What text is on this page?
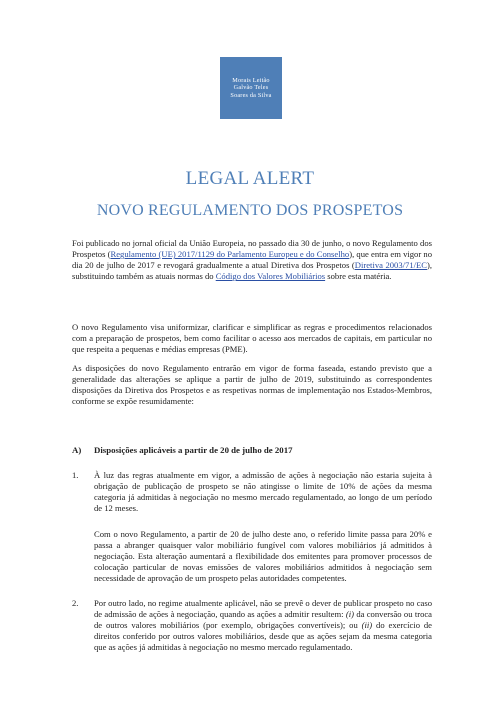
Morais Leitão
Galvão Teles
Soares da Silva
LEGAL ALERT
NOVO REGULAMENTO DOS PROSPETOS

Foi publicado no jornal oficial da União Europeia, no passado dia 30 de junho, o novo Regulamento dos Prospetos (Regulamento (UE) 2017/1129 do Parlamento Europeu e do Conselho), que entra em vigor no dia 20 de julho de 2017 e revogará gradualmente a atual Diretiva dos Prospetos (Diretiva 2003/71/EC), substituindo também as atuais normas do Código dos Valores Mobiliários sobre esta matéria.

O novo Regulamento visa uniformizar, clarificar e simplificar as regras e procedimentos relacionados com a preparação de prospetos, bem como facilitar o acesso aos mercados de capitais, em particular no que respeita a pequenas e médias empresas (PME).

As disposições do novo Regulamento entrarão em vigor de forma faseada, estando previsto que a generalidade das alterações se aplique a partir de julho de 2019, substituindo as correspondentes disposições da Diretiva dos Prospetos e as respetivas normas de implementação nos Estados-Membros, conforme se expõe resumidamente:

A)	Disposições aplicáveis a partir de 20 de julho de 2017
1.	À luz das regras atualmente em vigor, a admissão de ações à negociação não estaria sujeita à obrigação de publicação de prospeto se não atingisse o limite de 10% de ações da mesma categoria já admitidas à negociação no mesmo mercado regulamentado, ao longo de um período de 12 meses.

Com o novo Regulamento, a partir de 20 de julho deste ano, o referido limite passa para 20% e passa a abranger quaisquer valor mobiliário fungível com valores mobiliários já admitidos à negociação. Esta alteração aumentará a flexibilidade dos emitentes para promover processos de colocação particular de novas emissões de valores mobiliários admitidos à negociação sem necessidade de aprovação de um prospeto pelas autoridades competentes.

2.	Por outro lado, no regime atualmente aplicável, não se prevê o dever de publicar prospeto no caso de admissão de ações à negociação, quando as ações a admitir resultem: (i) da conversão ou troca de outros valores mobiliários (por exemplo, obrigações convertíveis); ou (ii) do exercício de direitos conferido por outros valores mobiliários, desde que as ações sejam da mesma categoria que as ações já admitidas à negociação no mesmo mercado regulamentado.
